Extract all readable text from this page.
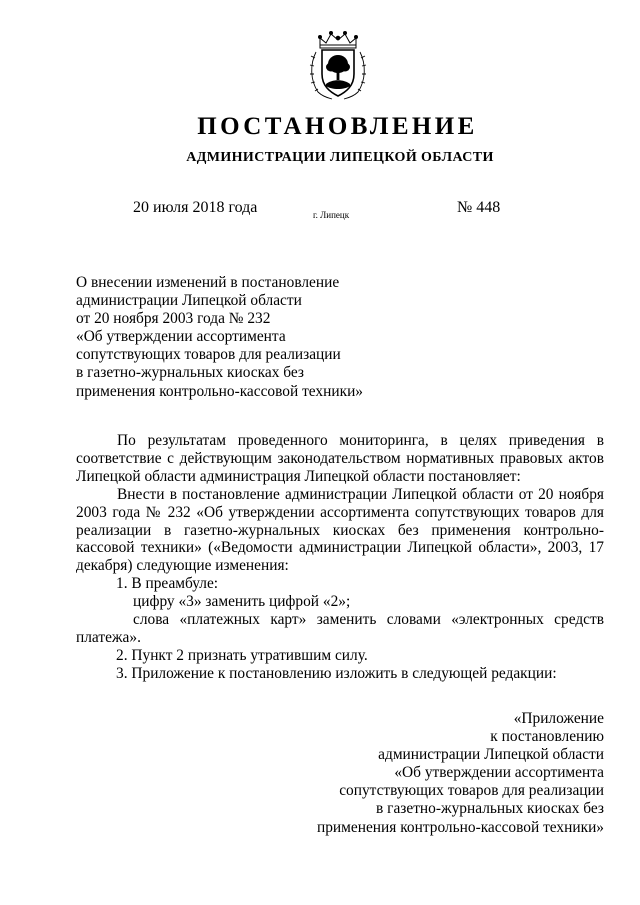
ПОСТАНОВЛЕНИЕ
АДМИНИСТРАЦИИ ЛИПЕЦКОЙ ОБЛАСТИ
20 июля 2018 года	г. Липецк	№ 448
О внесении изменений в постановление
администрации Липецкой области
от 20 ноября 2003 года № 232
«Об утверждении ассортимента
сопутствующих товаров для реализации
в газетно-журнальных киосках без
применения контрольно-кассовой техники»

По результатам проведенного мониторинга, в целях приведения в соответствие с действующим законодательством нормативных правовых актов Липецкой области администрация Липецкой области постановляет:

Внести в постановление администрации Липецкой области от 20 ноября 2003 года № 232 «Об утверждении ассортимента сопутствующих товаров для реализации в газетно-журнальных киосках без применения контрольно-кассовой техники» («Ведомости администрации Липецкой области», 2003, 17 декабря) следующие изменения:

1. В преамбуле:

цифру «3» заменить цифрой «2»;

слова «платежных карт» заменить словами «электронных средств платежа».

2. Пункт 2 признать утратившим силу.

3. Приложение к постановлению изложить в следующей редакции:

«Приложение
к постановлению
администрации Липецкой области
«Об утверждении ассортимента
сопутствующих товаров для реализации
в газетно-журнальных киосках без
применения контрольно-кассовой техники»
